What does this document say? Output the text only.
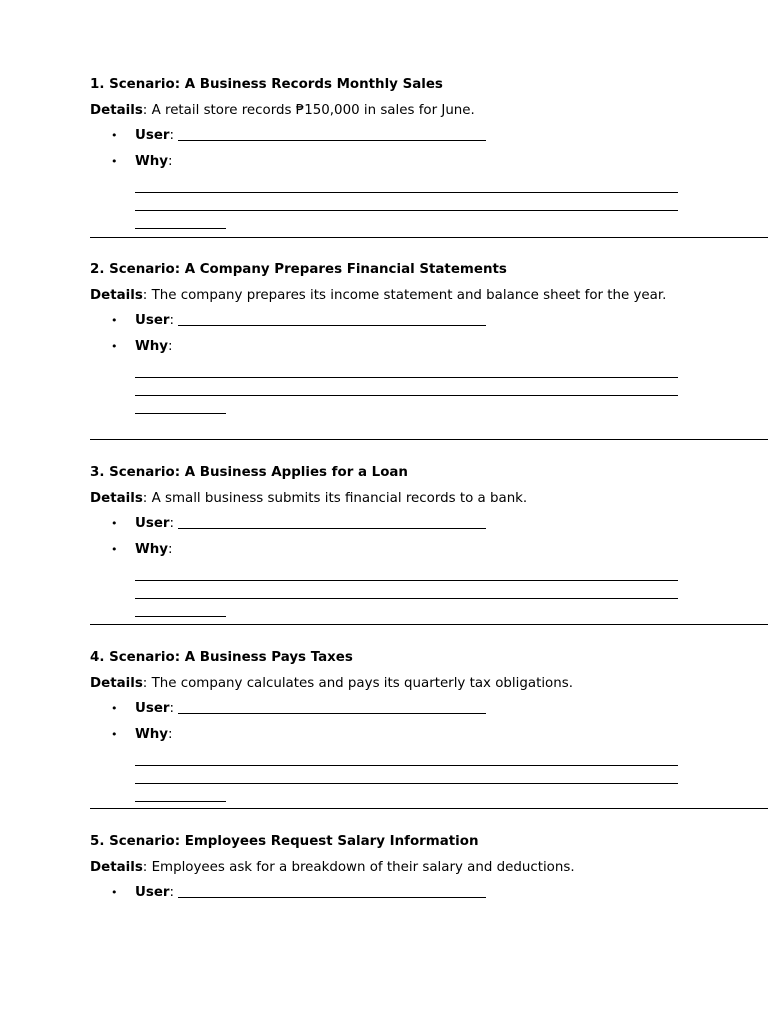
1. Scenario: A Business Records Monthly Sales

Details: A retail store records ₱150,000 in sales for June.
• User:
• Why:

2. Scenario: A Company Prepares Financial Statements

Details: The company prepares its income statement and balance sheet for the year.
• User:
• Why:

3. Scenario: A Business Applies for a Loan

Details: A small business submits its financial records to a bank.
• User:
• Why:

4. Scenario: A Business Pays Taxes

Details: The company calculates and pays its quarterly tax obligations.
• User:
• Why:

5. Scenario: Employees Request Salary Information

Details: Employees ask for a breakdown of their salary and deductions.
• User:
